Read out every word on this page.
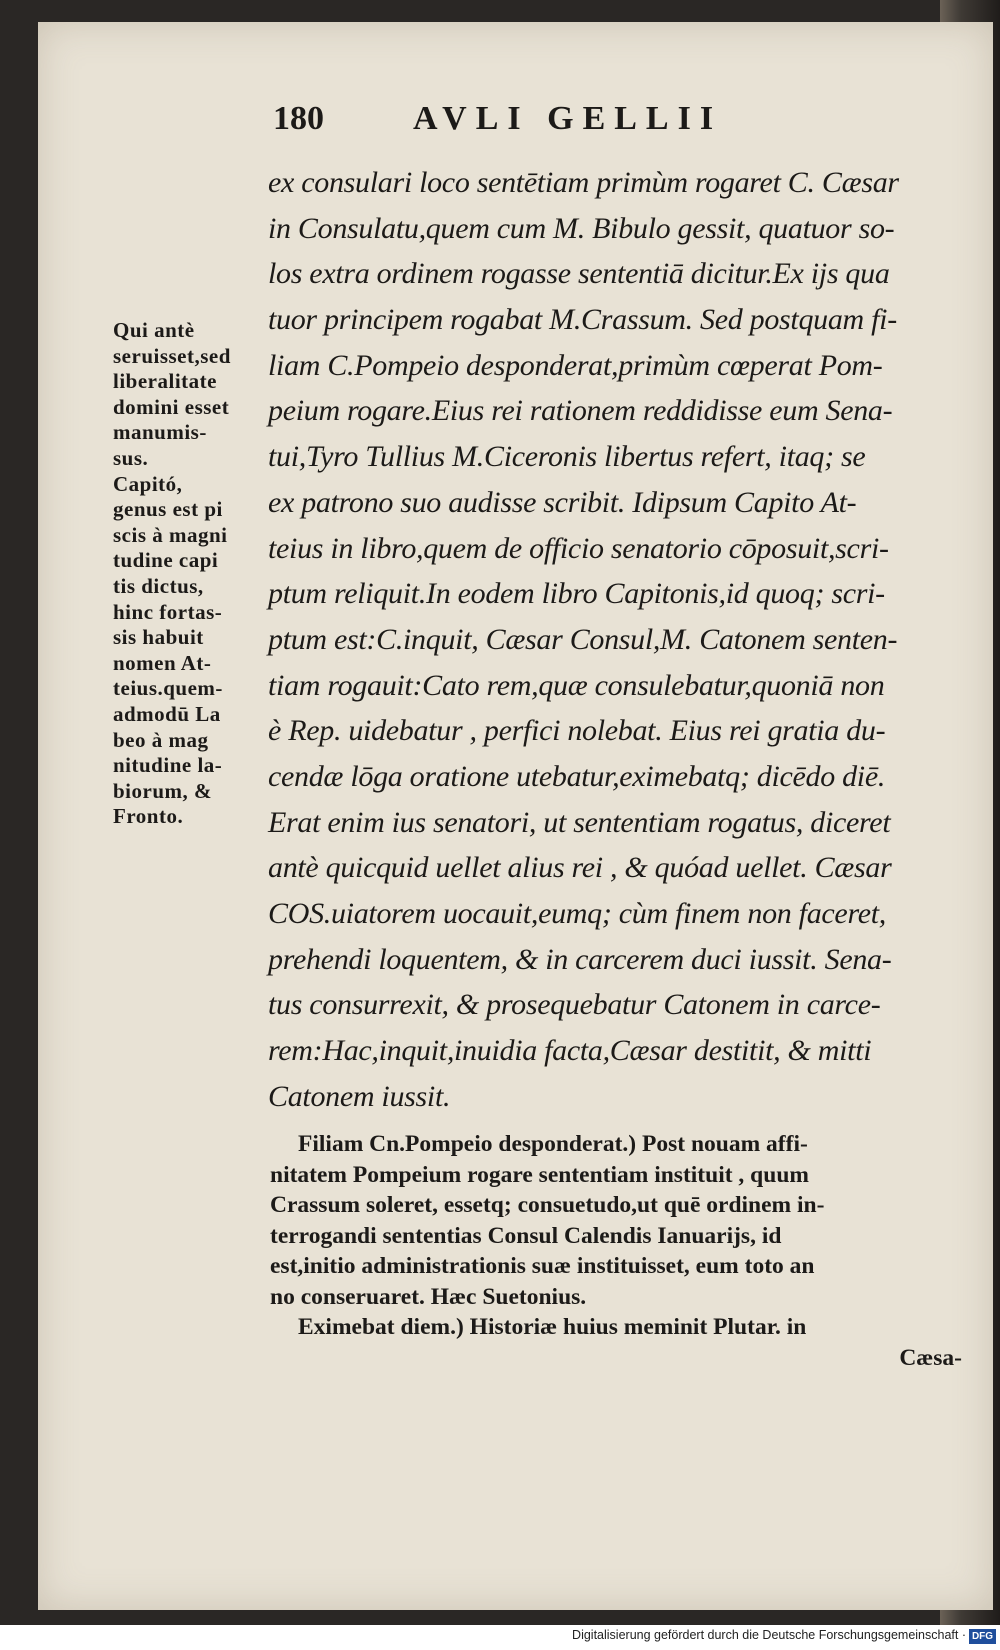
180	AVLI GELLII
ex consulari loco sentētiam primùm rogaret C. Cæsar
in Consulatu,quem cum M. Bibulo gessit, quatuor so-
los extra ordinem rogasse sententiā dicitur.Ex ijs qua
tuor principem rogabat M.Crassum. Sed postquam fi-
liam C.Pompeio desponderat,primùm cœperat Pom-
peium rogare.Eius rei rationem reddidisse eum Sena-
tui,Tyro Tullius M.Ciceronis libertus refert, itaq; se
ex patrono suo audisse scribit. Idipsum Capito At-
teius in libro,quem de officio senatorio cōposuit,scri-
ptum reliquit.In eodem libro Capitonis,id quoq; scri-
ptum est:C.inquit, Cæsar Consul,M. Catonem senten-
tiam rogauit:Cato rem,quæ consulebatur,quoniā non
è Rep. uidebatur , perfici nolebat. Eius rei gratia du-
cendæ lōga oratione utebatur,eximebatq; dicēdo diē.
Erat enim ius senatori, ut sententiam rogatus, diceret
antè quicquid uellet alius rei , & quóad uellet. Cæsar
COS.uiatorem uocauit,eumq; cùm finem non faceret,
prehendi loquentem, & in carcerem duci iussit. Sena-
tus consurrexit, & prosequebatur Catonem in carce-
rem:Hac,inquit,inuidia facta,Cæsar destitit, & mitti
Catonem iussit.
Qui antè
seruisset,sed
liberalitate
domini esset
manumis-
sus.
Capitó,
genus est pi
scis à magni
tudine capi
tis dictus,
hinc fortas-
sis habuit
nomen At-
teius.quem-
admodū La
beo à mag
nitudine la-
biorum, &
Fronto.
Filiam Cn.Pompeio desponderat.) Post nouam affi-
nitatem Pompeium rogare sententiam instituit , quum
Crassum soleret, essetq; consuetudo,ut quē ordinem in-
terrogandi sententias Consul Calendis Ianuarijs, id
est,initio administrationis suæ instituisset, eum toto an
no conseruaret. Hæc Suetonius.
Eximebat diem.) Historiæ huius meminit Plutar. in
Cæsa-
Digitalisierung gefördert durch die Deutsche Forschungsgemeinschaft · DFG
